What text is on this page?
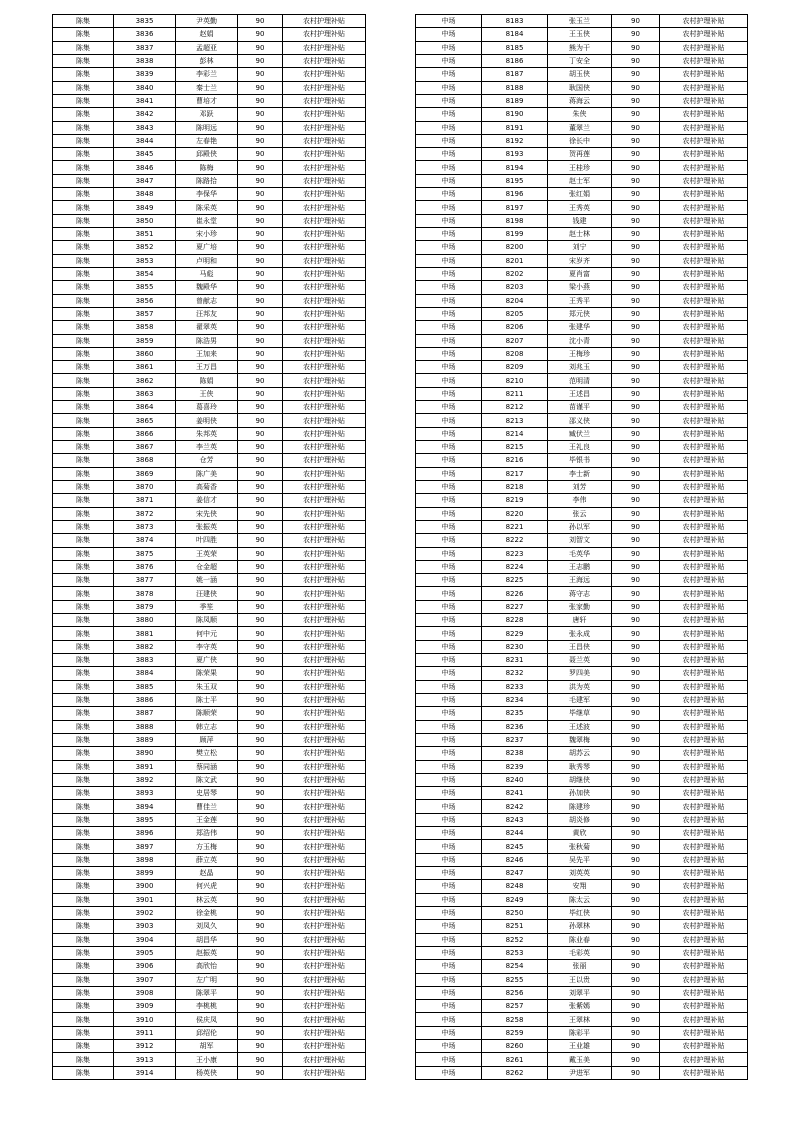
陈集	3835	尹英勤	90	农村护理补贴
陈集	3836	赵娟	90	农村护理补贴
陈集	3837	孟超亚	90	农村护理补贴
陈集	3838	彭林	90	农村护理补贴
陈集	3839	李彩兰	90	农村护理补贴
陈集	3840	秦士兰	90	农村护理补贴
陈集	3841	曹培才	90	农村护理补贴
陈集	3842	邓跃	90	农村护理补贴
陈集	3843	陈明远	90	农村护理补贴
陈集	3844	左春艳	90	农村护理补贴
陈集	3845	邱殿侠	90	农村护理补贴
陈集	3846	陈梅	90	农村护理补贴
陈集	3847	陈路拾	90	农村护理补贴
陈集	3848	李保华	90	农村护理补贴
陈集	3849	陈采英	90	农村护理补贴
陈集	3850	崔永堂	90	农村护理补贴
陈集	3851	宋小珍	90	农村护理补贴
陈集	3852	夏广培	90	农村护理补贴
陈集	3853	卢明和	90	农村护理补贴
陈集	3854	马彪	90	农村护理补贴
陈集	3855	魏殿华	90	农村护理补贴
陈集	3856	曾献志	90	农村护理补贴
陈集	3857	汪邦友	90	农村护理补贴
陈集	3858	翟翠英	90	农村护理补贴
陈集	3859	陈浩男	90	农村护理补贴
陈集	3860	王加来	90	农村护理补贴
陈集	3861	王万昌	90	农村护理补贴
陈集	3862	陈娟	90	农村护理补贴
陈集	3863	王侠	90	农村护理补贴
陈集	3864	葛喜玲	90	农村护理补贴
陈集	3865	姜明侠	90	农村护理补贴
陈集	3866	朱邦英	90	农村护理补贴
陈集	3867	李兰英	90	农村护理补贴
陈集	3868	仓芳	90	农村护理补贴
陈集	3869	陈广美	90	农村护理补贴
陈集	3870	高菊香	90	农村护理补贴
陈集	3871	姜信才	90	农村护理补贴
陈集	3872	宋先侠	90	农村护理补贴
陈集	3873	张振英	90	农村护理补贴
陈集	3874	叶四胜	90	农村护理补贴
陈集	3875	王英荣	90	农村护理补贴
陈集	3876	仓金超	90	农村护理补贴
陈集	3877	姚一涵	90	农村护理补贴
陈集	3878	汪建侠	90	农村护理补贴
陈集	3879	季笙	90	农村护理补贴
陈集	3880	陈凤顺	90	农村护理补贴
陈集	3881	何中元	90	农村护理补贴
陈集	3882	李守英	90	农村护理补贴
陈集	3883	夏广侠	90	农村护理补贴
陈集	3884	陈荣果	90	农村护理补贴
陈集	3885	朱玉双	90	农村护理补贴
陈集	3886	陈士平	90	农村护理补贴
陈集	3887	陈顺荣	90	农村护理补贴
陈集	3888	韩立志	90	农村护理补贴
陈集	3889	顾萍	90	农村护理补贴
陈集	3890	樊立松	90	农村护理补贴
陈集	3891	蔡同涵	90	农村护理补贴
陈集	3892	陈文武	90	农村护理补贴
陈集	3893	史居琴	90	农村护理补贴
陈集	3894	曹佳兰	90	农村护理补贴
陈集	3895	王金莲	90	农村护理补贴
陈集	3896	郑浩伟	90	农村护理补贴
陈集	3897	方玉梅	90	农村护理补贴
陈集	3898	薛立英	90	农村护理补贴
陈集	3899	赵晶	90	农村护理补贴
陈集	3900	何兴虎	90	农村护理补贴
陈集	3901	林云英	90	农村护理补贴
陈集	3902	徐金桃	90	农村护理补贴
陈集	3903	刘凤久	90	农村护理补贴
陈集	3904	胡昌华	90	农村护理补贴
陈集	3905	赵振英	90	农村护理补贴
陈集	3906	高欣怡	90	农村护理补贴
陈集	3907	左广明	90	农村护理补贴
陈集	3908	陈翠平	90	农村护理补贴
陈集	3909	李桃桃	90	农村护理补贴
陈集	3910	侯庆凤	90	农村护理补贴
陈集	3911	邱绍伦	90	农村护理补贴
陈集	3912	胡军	90	农村护理补贴
陈集	3913	王小康	90	农村护理补贴
陈集	3914	杨英侠	90	农村护理补贴
中场	8183	张玉兰	90	农村护理补贴
中场	8184	王玉侠	90	农村护理补贴
中场	8185	熊为干	90	农村护理补贴
中场	8186	丁安全	90	农村护理补贴
中场	8187	胡玉侠	90	农村护理补贴
中场	8188	耿国侠	90	农村护理补贴
中场	8189	蒋海云	90	农村护理补贴
中场	8190	朱侠	90	农村护理补贴
中场	8191	董翠兰	90	农村护理补贴
中场	8192	徐长中	90	农村护理补贴
中场	8193	贺再莲	90	农村护理补贴
中场	8194	王桂珍	90	农村护理补贴
中场	8195	赵士军	90	农村护理补贴
中场	8196	张红娟	90	农村护理补贴
中场	8197	王秀英	90	农村护理补贴
中场	8198	钱建	90	农村护理补贴
中场	8199	赵士林	90	农村护理补贴
中场	8200	刘宁	90	农村护理补贴
中场	8201	宋岁齐	90	农村护理补贴
中场	8202	夏肖富	90	农村护理补贴
中场	8203	梁小燕	90	农村护理补贴
中场	8204	王秀平	90	农村护理补贴
中场	8205	郑元侠	90	农村护理补贴
中场	8206	张建华	90	农村护理补贴
中场	8207	沈小青	90	农村护理补贴
中场	8208	王梅珍	90	农村护理补贴
中场	8209	刘兆玉	90	农村护理补贴
中场	8210	范明清	90	农村护理补贴
中场	8211	王述昌	90	农村护理补贴
中场	8212	苗谨平	90	农村护理补贴
中场	8213	邵义侠	90	农村护理补贴
中场	8214	臧伏兰	90	农村护理补贴
中场	8215	王礼良	90	农村护理补贴
中场	8216	毕银书	90	农村护理补贴
中场	8217	李士新	90	农村护理补贴
中场	8218	刘芳	90	农村护理补贴
中场	8219	李伟	90	农村护理补贴
中场	8220	张云	90	农村护理补贴
中场	8221	孙以军	90	农村护理补贴
中场	8222	刘智文	90	农村护理补贴
中场	8223	毛英华	90	农村护理补贴
中场	8224	王志鹏	90	农村护理补贴
中场	8225	王海远	90	农村护理补贴
中场	8226	蒋守志	90	农村护理补贴
中场	8227	张家勤	90	农村护理补贴
中场	8228	唐轩	90	农村护理补贴
中场	8229	张永成	90	农村护理补贴
中场	8230	王昌侠	90	农村护理补贴
中场	8231	聂兰英	90	农村护理补贴
中场	8232	罗四美	90	农村护理补贴
中场	8233	洪为英	90	农村护理补贴
中场	8234	毛建军	90	农村护理补贴
中场	8235	毕继草	90	农村护理补贴
中场	8236	王述波	90	农村护理补贴
中场	8237	魏翠梅	90	农村护理补贴
中场	8238	胡苏云	90	农村护理补贴
中场	8239	耿秀琴	90	农村护理补贴
中场	8240	胡继侠	90	农村护理补贴
中场	8241	孙加侠	90	农村护理补贴
中场	8242	陈建珍	90	农村护理补贴
中场	8243	胡炎修	90	农村护理补贴
中场	8244	黄欣	90	农村护理补贴
中场	8245	张秋菊	90	农村护理补贴
中场	8246	吴先平	90	农村护理补贴
中场	8247	刘英英	90	农村护理补贴
中场	8248	安翔	90	农村护理补贴
中场	8249	陈太云	90	农村护理补贴
中场	8250	毕红侠	90	农村护理补贴
中场	8251	孙翠林	90	农村护理补贴
中场	8252	陈业春	90	农村护理补贴
中场	8253	毛彩英	90	农村护理补贴
中场	8254	张丽	90	农村护理补贴
中场	8255	王以贵	90	农村护理补贴
中场	8256	刘翠平	90	农村护理补贴
中场	8257	张紫嫣	90	农村护理补贴
中场	8258	王翠林	90	农村护理补贴
中场	8259	陈彩平	90	农村护理补贴
中场	8260	王业雄	90	农村护理补贴
中场	8261	戴玉美	90	农村护理补贴
中场	8262	尹进军	90	农村护理补贴
